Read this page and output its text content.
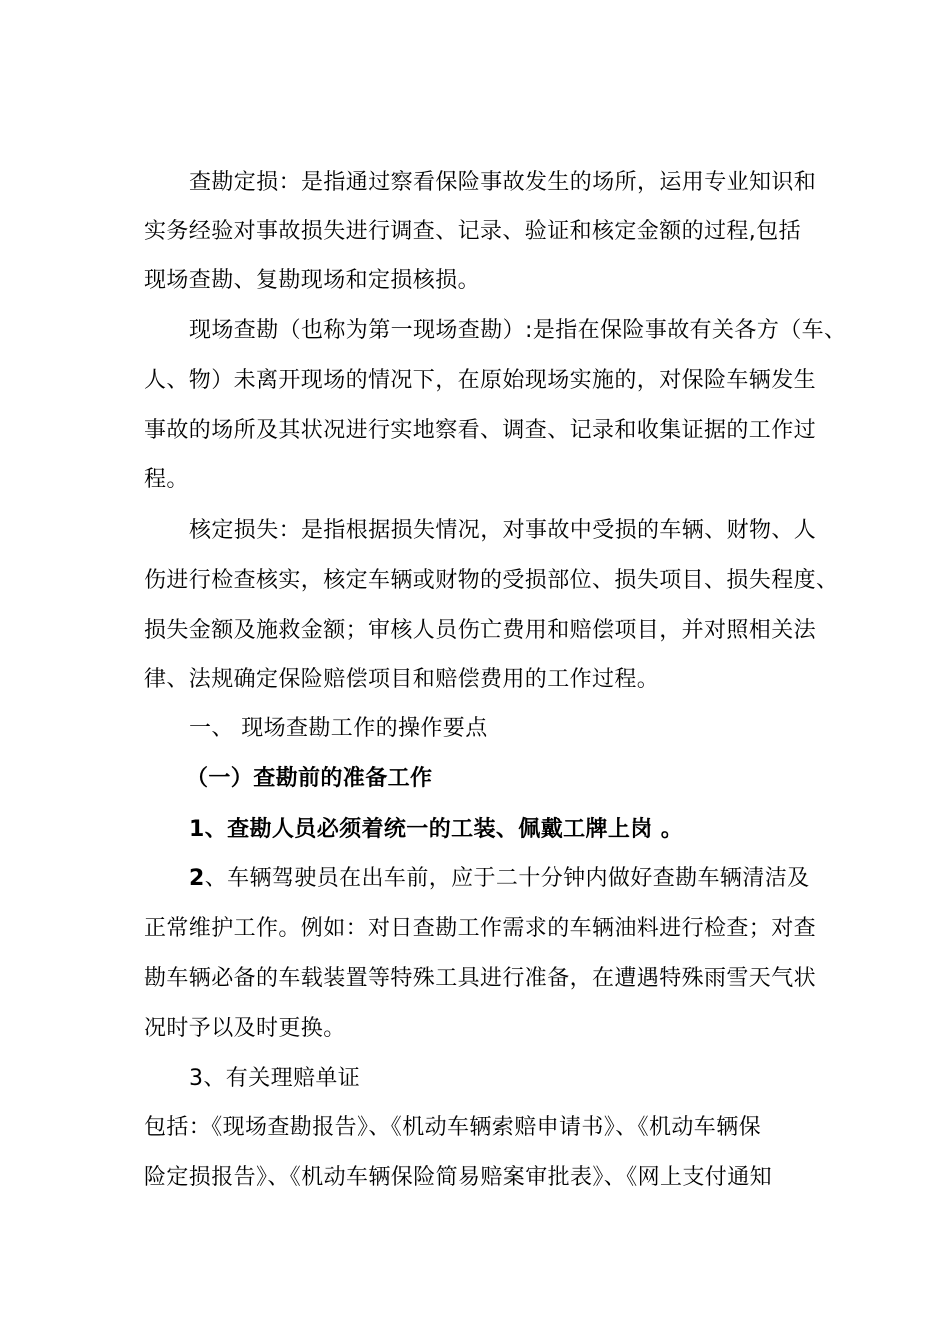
查勘定损：是指通过察看保险事故发生的场所，运用专业知识和
实务经验对事故损失进行调查、记录、验证和核定金额的过程,包括
现场查勘、复勘现场和定损核损。
现场查勘（也称为第一现场查勘）:是指在保险事故有关各方（车、
人、物）未离开现场的情况下，在原始现场实施的，对保险车辆发生
事故的场所及其状况进行实地察看、调查、记录和收集证据的工作过
程。
核定损失：是指根据损失情况，对事故中受损的车辆、财物、人
伤进行检查核实，核定车辆或财物的受损部位、损失项目、损失程度、
损失金额及施救金额；审核人员伤亡费用和赔偿项目，并对照相关法
律、法规确定保险赔偿项目和赔偿费用的工作过程。
一、 现场查勘工作的操作要点
（一）查勘前的准备工作
1、查勘人员必须着统一的工装、佩戴工牌上岗 。
2、车辆驾驶员在出车前，应于二十分钟内做好查勘车辆清洁及
正常维护工作。例如：对日查勘工作需求的车辆油料进行检查；对查
勘车辆必备的车载装置等特殊工具进行准备，在遭遇特殊雨雪天气状
况时予以及时更换。
3、有关理赔单证
包括：《现场查勘报告》、《机动车辆索赔申请书》、《机动车辆保
险定损报告》、《机动车辆保险简易赔案审批表》、《网上支付通知
